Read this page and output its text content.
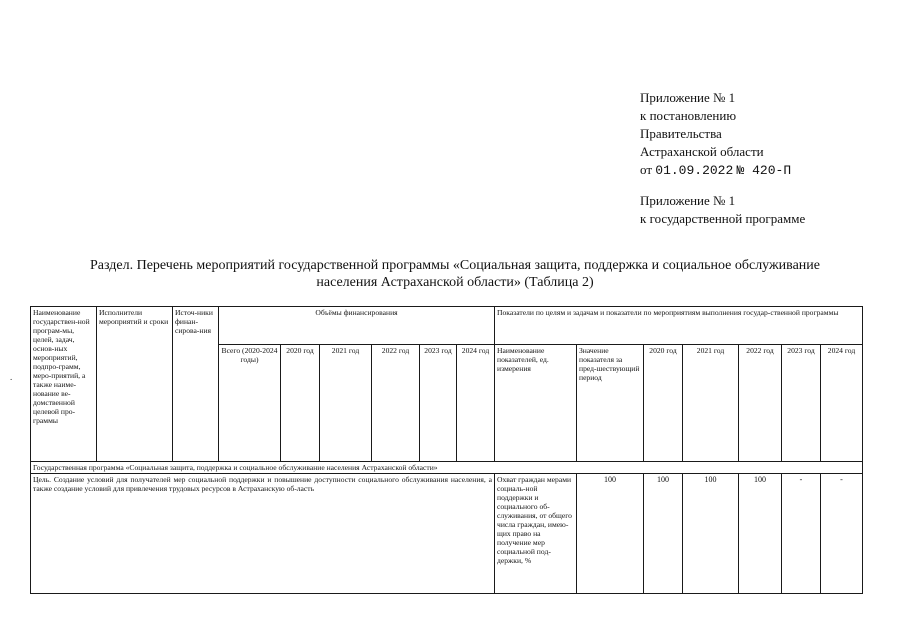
Приложение № 1
к постановлению
Правительства
Астраханской области
от 01.09.2022 № 420-П
Приложение № 1
к государственной программе
Раздел. Перечень мероприятий государственной программы «Социальная защита, поддержка и социальное обслуживание
населения Астраханской области» (Таблица 2)
.
Наименование государствен-ной програм-мы, целей, задач, основ-ных мероприятий, подпро-грамм, меро-приятий, а также наиме-нование ве-домственной целевой про-граммы	Исполнители мероприятий и сроки	Источ-ники финан-сирова-ния	Объёмы финансирования						Показатели по целям и задачам и показатели по мероприятиям выполнения государ-ственной программы						
			Всего (2020-2024 годы)	2020 год	2021 год	2022 год	2023 год	2024 год	Наименование показателей, ед. измерения	Значение показателя за пред-шествующий период	2020 год	2021 год	2022 год	2023 год	2024 год
Государственная программа «Социальная защита, поддержка и социальное обслуживание населения Астраханской области»															
Цель. Создание условий для получателей мер социальной поддержки и повышение доступности социального обслуживания населения, а также создание условий для привлечения трудовых ресурсов в Астраханскую об-ласть									Охват граждан мерами социаль-ной поддержки и социального об-служивания, от общего числа граждан, имею-щих право на получение мер социальной под-держки, %	100	100	100	100	-	-
